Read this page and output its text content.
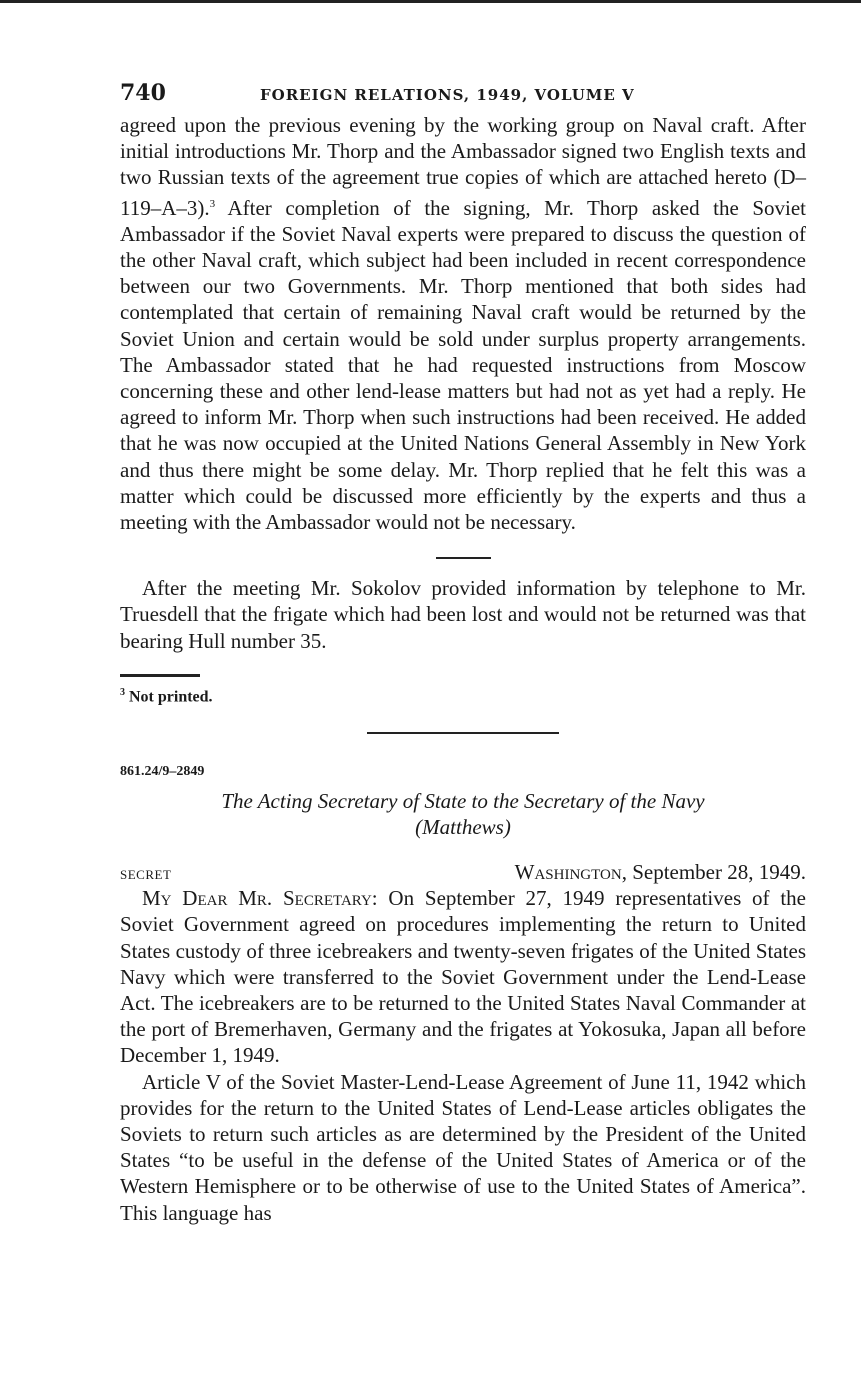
740	FOREIGN RELATIONS, 1949, VOLUME V

agreed upon the previous evening by the working group on Naval craft. After initial introductions Mr. Thorp and the Ambassador signed two English texts and two Russian texts of the agreement true copies of which are attached hereto (D–119–A–3).$^3$ After completion of the signing, Mr. Thorp asked the Soviet Ambassador if the Soviet Naval experts were prepared to discuss the question of the other Naval craft, which subject had been included in recent correspondence between our two Governments. Mr. Thorp mentioned that both sides had contemplated that certain of remaining Naval craft would be returned by the Soviet Union and certain would be sold under surplus property arrangements. The Ambassador stated that he had requested instructions from Moscow concerning these and other lend-lease matters but had not as yet had a reply. He agreed to inform Mr. Thorp when such instructions had been received. He added that he was now occupied at the United Nations General Assembly in New York and thus there might be some delay. Mr. Thorp replied that he felt this was a matter which could be discussed more efficiently by the experts and thus a meeting with the Ambassador would not be necessary.

After the meeting Mr. Sokolov provided information by telephone to Mr. Truesdell that the frigate which had been lost and would not be returned was that bearing Hull number 35.

$^3$ Not printed.
861.24/9–2849
The Acting Secretary of State to the Secretary of the Navy
(Matthews)
SECRET	Washington, September 28, 1949.

My Dear Mr. Secretary: On September 27, 1949 representatives of the Soviet Government agreed on procedures implementing the return to United States custody of three icebreakers and twenty-seven frigates of the United States Navy which were transferred to the Soviet Government under the Lend-Lease Act. The icebreakers are to be returned to the United States Naval Commander at the port of Bremerhaven, Germany and the frigates at Yokosuka, Japan all before December 1, 1949.

Article V of the Soviet Master-Lend-Lease Agreement of June 11, 1942 which provides for the return to the United States of Lend-Lease articles obligates the Soviets to return such articles as are determined by the President of the United States “to be useful in the defense of the United States of America or of the Western Hemisphere or to be otherwise of use to the United States of America”. This language has
